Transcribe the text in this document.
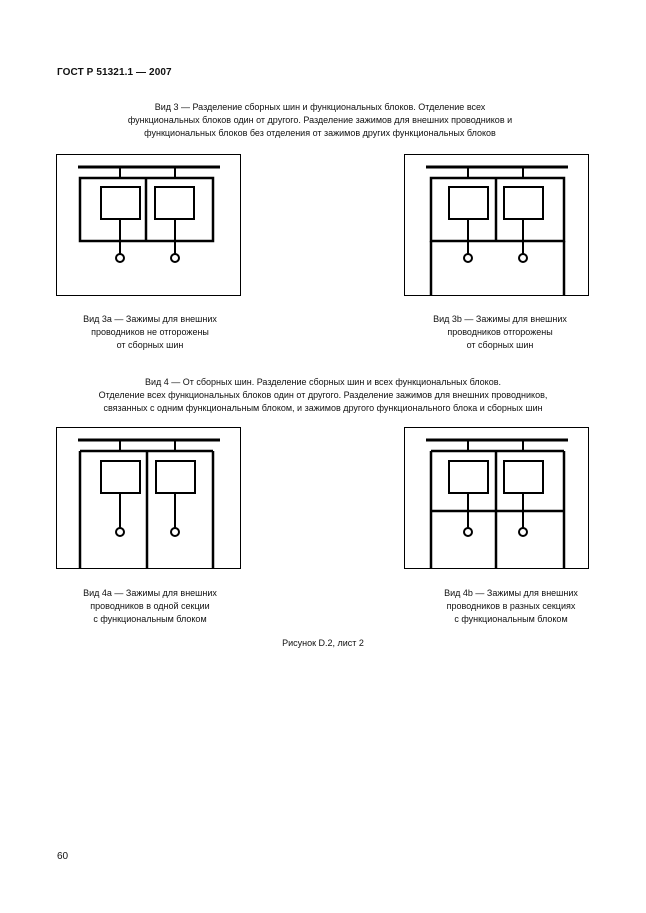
ГОСТ Р 51321.1 — 2007
Вид 3 — Разделение сборных шин и функциональных блоков. Отделение всех
функциональных блоков один от другого. Разделение зажимов для внешних проводников и
функциональных блоков без отделения от зажимов других функциональных блоков
Вид 3а — Зажимы для внешних
проводников не отгорожены
от сборных шин
Вид 3b — Зажимы для внешних
проводников отгорожены
от сборных шин
Вид 4 — От сборных шин. Разделение сборных шин и всех функциональных блоков.
Отделение всех функциональных блоков один от другого. Разделение зажимов для внешних проводников,
связанных с одним функциональным блоком, и зажимов другого функционального блока и сборных шин
Вид 4а — Зажимы для внешних
проводников в одной секции
с функциональным блоком
Вид 4b — Зажимы для внешних
проводников в разных секциях
с функциональным блоком
Рисунок D.2, лист 2
60
